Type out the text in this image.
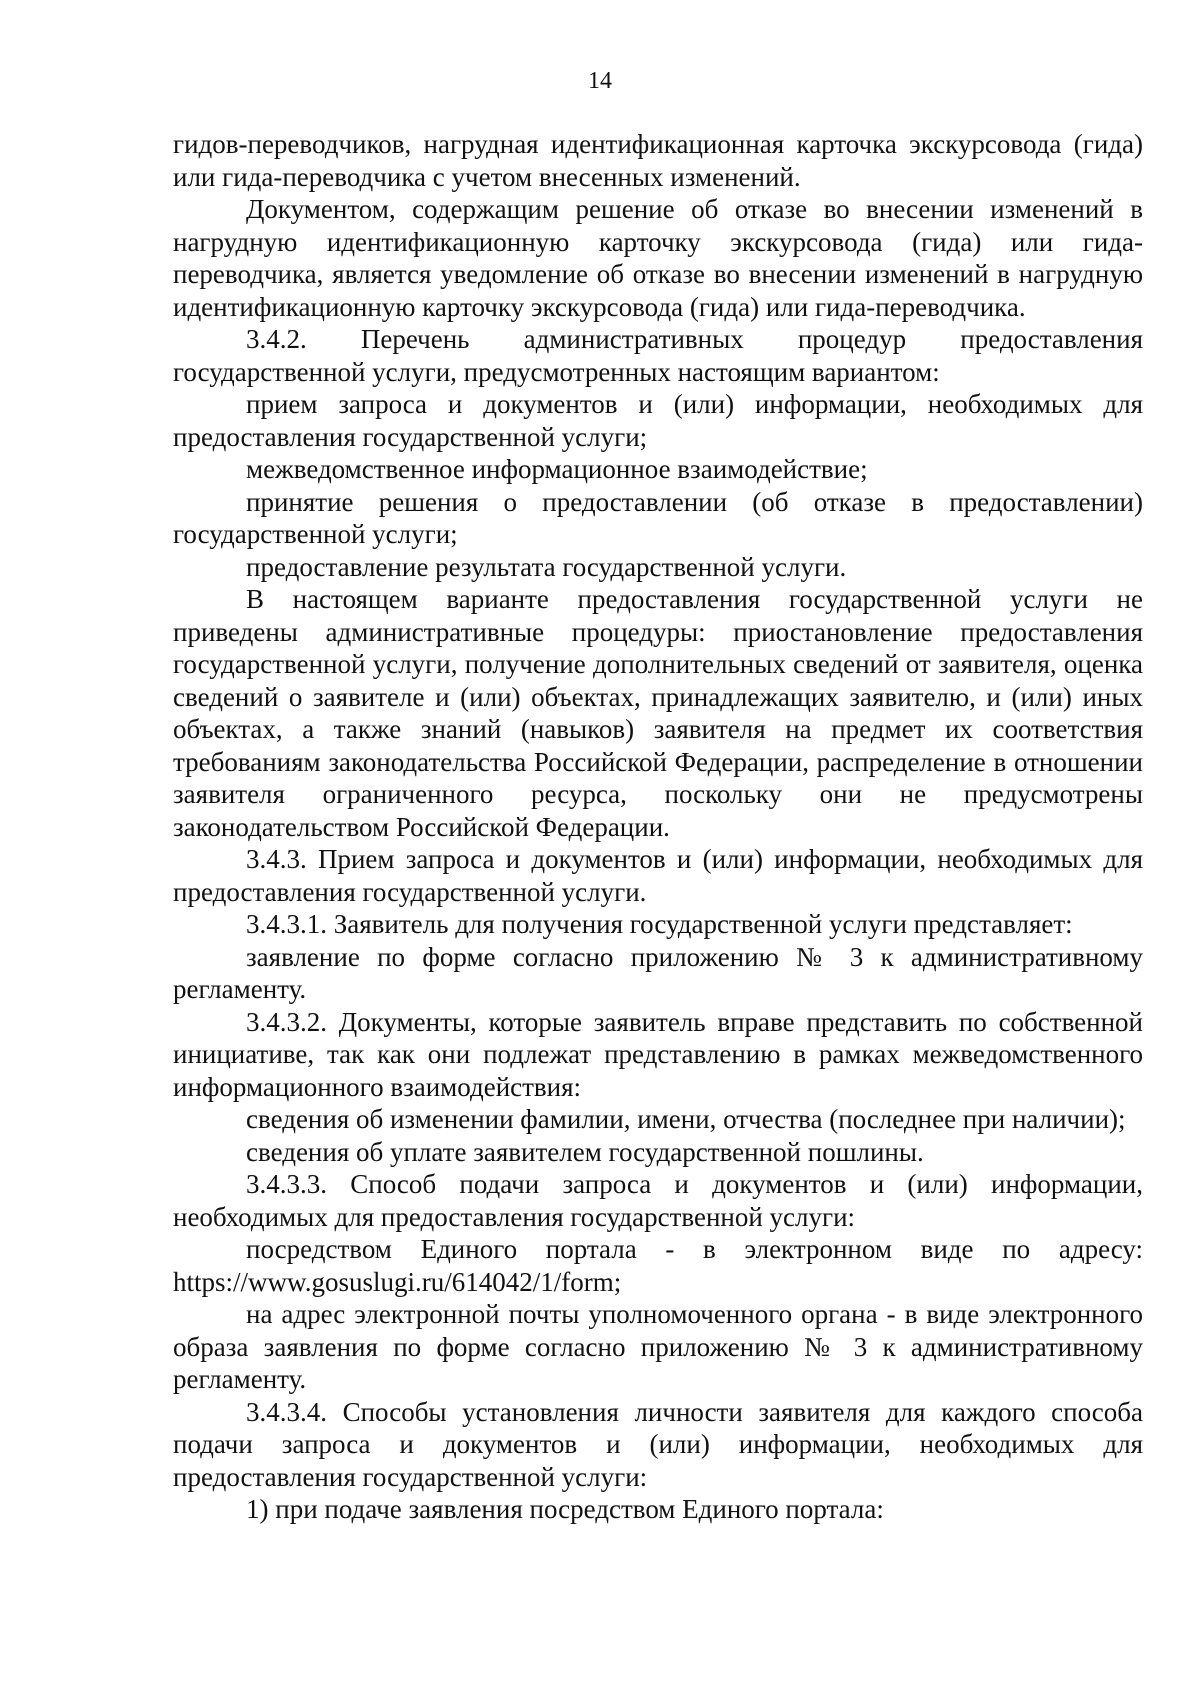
14

гидов-переводчиков, нагрудная идентификационная карточка экскурсовода (гида) или гида-переводчика с учетом внесенных изменений.

Документом, содержащим решение об отказе во внесении изменений в нагрудную идентификационную карточку экскурсовода (гида) или гида-переводчика, является уведомление об отказе во внесении изменений в нагрудную идентификационную карточку экскурсовода (гида) или гида-переводчика.

3.4.2. Перечень административных процедур предоставления государственной услуги, предусмотренных настоящим вариантом:

прием запроса и документов и (или) информации, необходимых для предоставления государственной услуги;

межведомственное информационное взаимодействие;

принятие решения о предоставлении (об отказе в предоставлении) государственной услуги;

предоставление результата государственной услуги.

В настоящем варианте предоставления государственной услуги не приведены административные процедуры: приостановление предоставления государственной услуги, получение дополнительных сведений от заявителя, оценка сведений о заявителе и (или) объектах, принадлежащих заявителю, и (или) иных объектах, а также знаний (навыков) заявителя на предмет их соответствия требованиям законодательства Российской Федерации, распределение в отношении заявителя ограниченного ресурса, поскольку они не предусмотрены законодательством Российской Федерации.

3.4.3. Прием запроса и документов и (или) информации, необходимых для предоставления государственной услуги.

3.4.3.1. Заявитель для получения государственной услуги представляет:

заявление по форме согласно приложению № 3 к административному регламенту.

3.4.3.2. Документы, которые заявитель вправе представить по собственной инициативе, так как они подлежат представлению в рамках межведомственного информационного взаимодействия:

сведения об изменении фамилии, имени, отчества (последнее при наличии);

сведения об уплате заявителем государственной пошлины.

3.4.3.3. Способ подачи запроса и документов и (или) информации, необходимых для предоставления государственной услуги:

посредством Единого портала - в электронном виде по адресу: https://www.gosuslugi.ru/614042/1/form;

на адрес электронной почты уполномоченного органа - в виде электронного образа заявления по форме согласно приложению № 3 к административному регламенту.

3.4.3.4. Способы установления личности заявителя для каждого способа подачи запроса и документов и (или) информации, необходимых для предоставления государственной услуги:

1) при подаче заявления посредством Единого портала:
